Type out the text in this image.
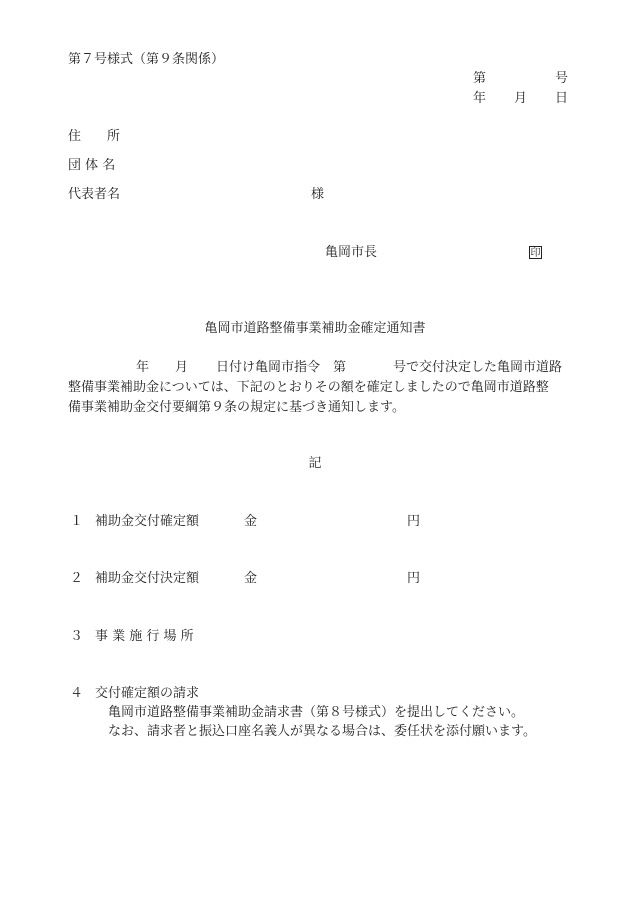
第７号様式（第９条関係）
第	号
年 月 日
住　　所
団 体 名
代表者名	様
亀岡市長	印
亀岡市道路整備事業補助金確定通知書
年 月 日付け亀岡市指令　第	号で交付決定した亀岡市道路
整備事業補助金については、下記のとおりその額を確定しましたので亀岡市道路整
備事業補助金交付要綱第９条の規定に基づき通知します。
記
１ 補助金交付確定額	金	円
２ 補助金交付決定額	金	円
３ 事 業 施 行 場 所
４ 交付確定額の請求
亀岡市道路整備事業補助金請求書（第８号様式）を提出してください。
なお、請求者と振込口座名義人が異なる場合は、委任状を添付願います。
